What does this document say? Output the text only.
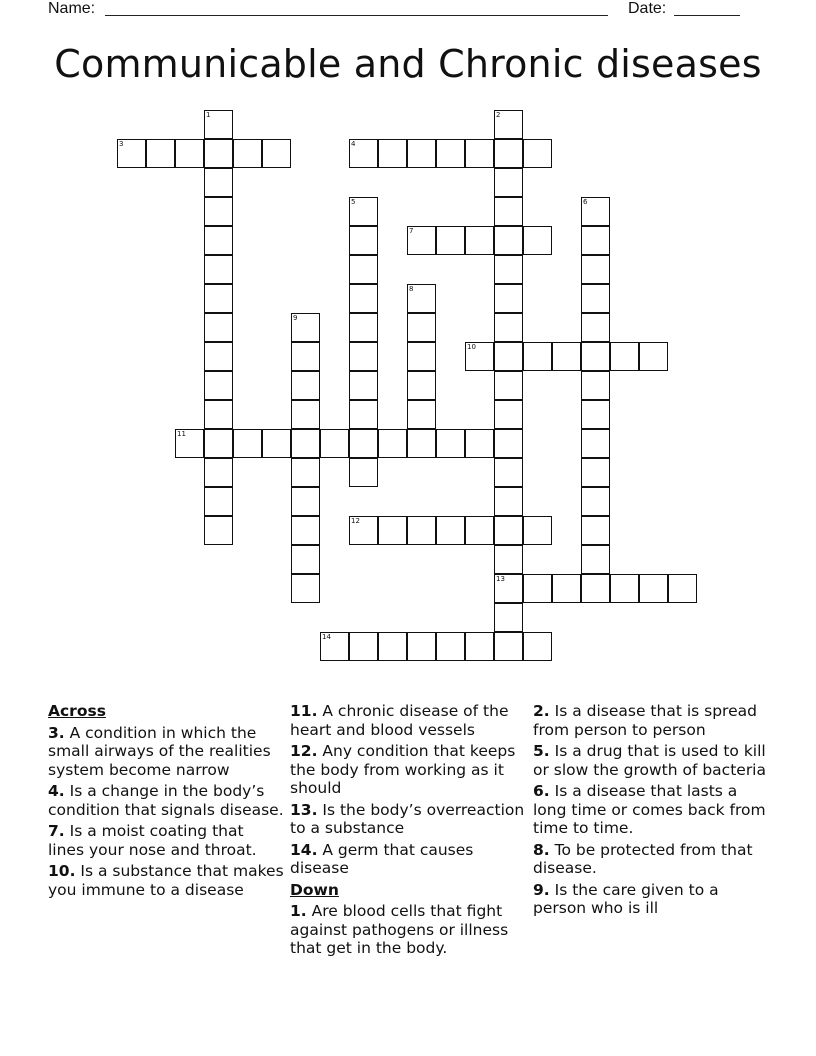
Name:	Date:
Communicable and Chronic diseases
1	2
13
3	4
5	6
7
8
9
10
11
12
14
Across
3. A condition in which the small airways of the realities system become narrow
4. Is a change in the body’s condition that signals disease.
7. Is a moist coating that lines your nose and throat.
10. Is a substance that makes you immune to a disease
11. A chronic disease of the heart and blood vessels
12. Any condition that keeps the body from working as it should
13. Is the body’s overreaction to a substance
14. A germ that causes disease
Down
1. Are blood cells that fight against pathogens or illness that get in the body.
2. Is a disease that is spread from person to person
5. Is a drug that is used to kill or slow the growth of bacteria
6. Is a disease that lasts a long time or comes back from time to time.
8. To be protected from that disease.
9. Is the care given to a person who is ill
